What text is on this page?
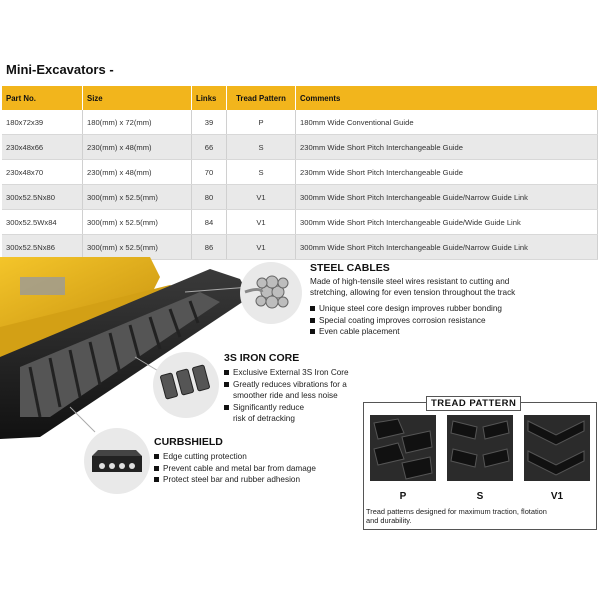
Mini-Excavators -
Part No.	Size	Links	Tread Pattern	Comments
180x72x39	180(mm) x 72(mm)	39	P	180mm Wide Conventional Guide
230x48x66	230(mm) x 48(mm)	66	S	230mm Wide Short Pitch Interchangeable Guide
230x48x70	230(mm) x 48(mm)	70	S	230mm Wide Short Pitch Interchangeable Guide
300x52.5Nx80	300(mm) x 52.5(mm)	80	V1	300mm Wide Short Pitch Interchangeable Guide/Narrow Guide Link
300x52.5Wx84	300(mm) x 52.5(mm)	84	V1	300mm Wide Short Pitch Interchangeable Guide/Wide Guide Link
300x52.5Nx86	300(mm) x 52.5(mm)	86	V1	300mm Wide Short Pitch Interchangeable Guide/Narrow Guide Link
STEEL CABLES
Made of high-tensile steel wires resistant to cutting and
stretching, allowing for even tension throughout the track
Unique steel core design improves rubber bonding
Special coating improves corrosion resistance
Even cable placement
3S IRON CORE
Exclusive External 3S Iron Core
Greatly reduces vibrations for a
smoother ride and less noise
Significantly reduce
risk of detracking
CURBSHIELD
Edge cutting protection
Prevent cable and metal bar from damage
Protect steel bar and rubber adhesion
TREAD PATTERN
P	S	V1
Tread patterns designed for maximum traction, flotation
and durability.
